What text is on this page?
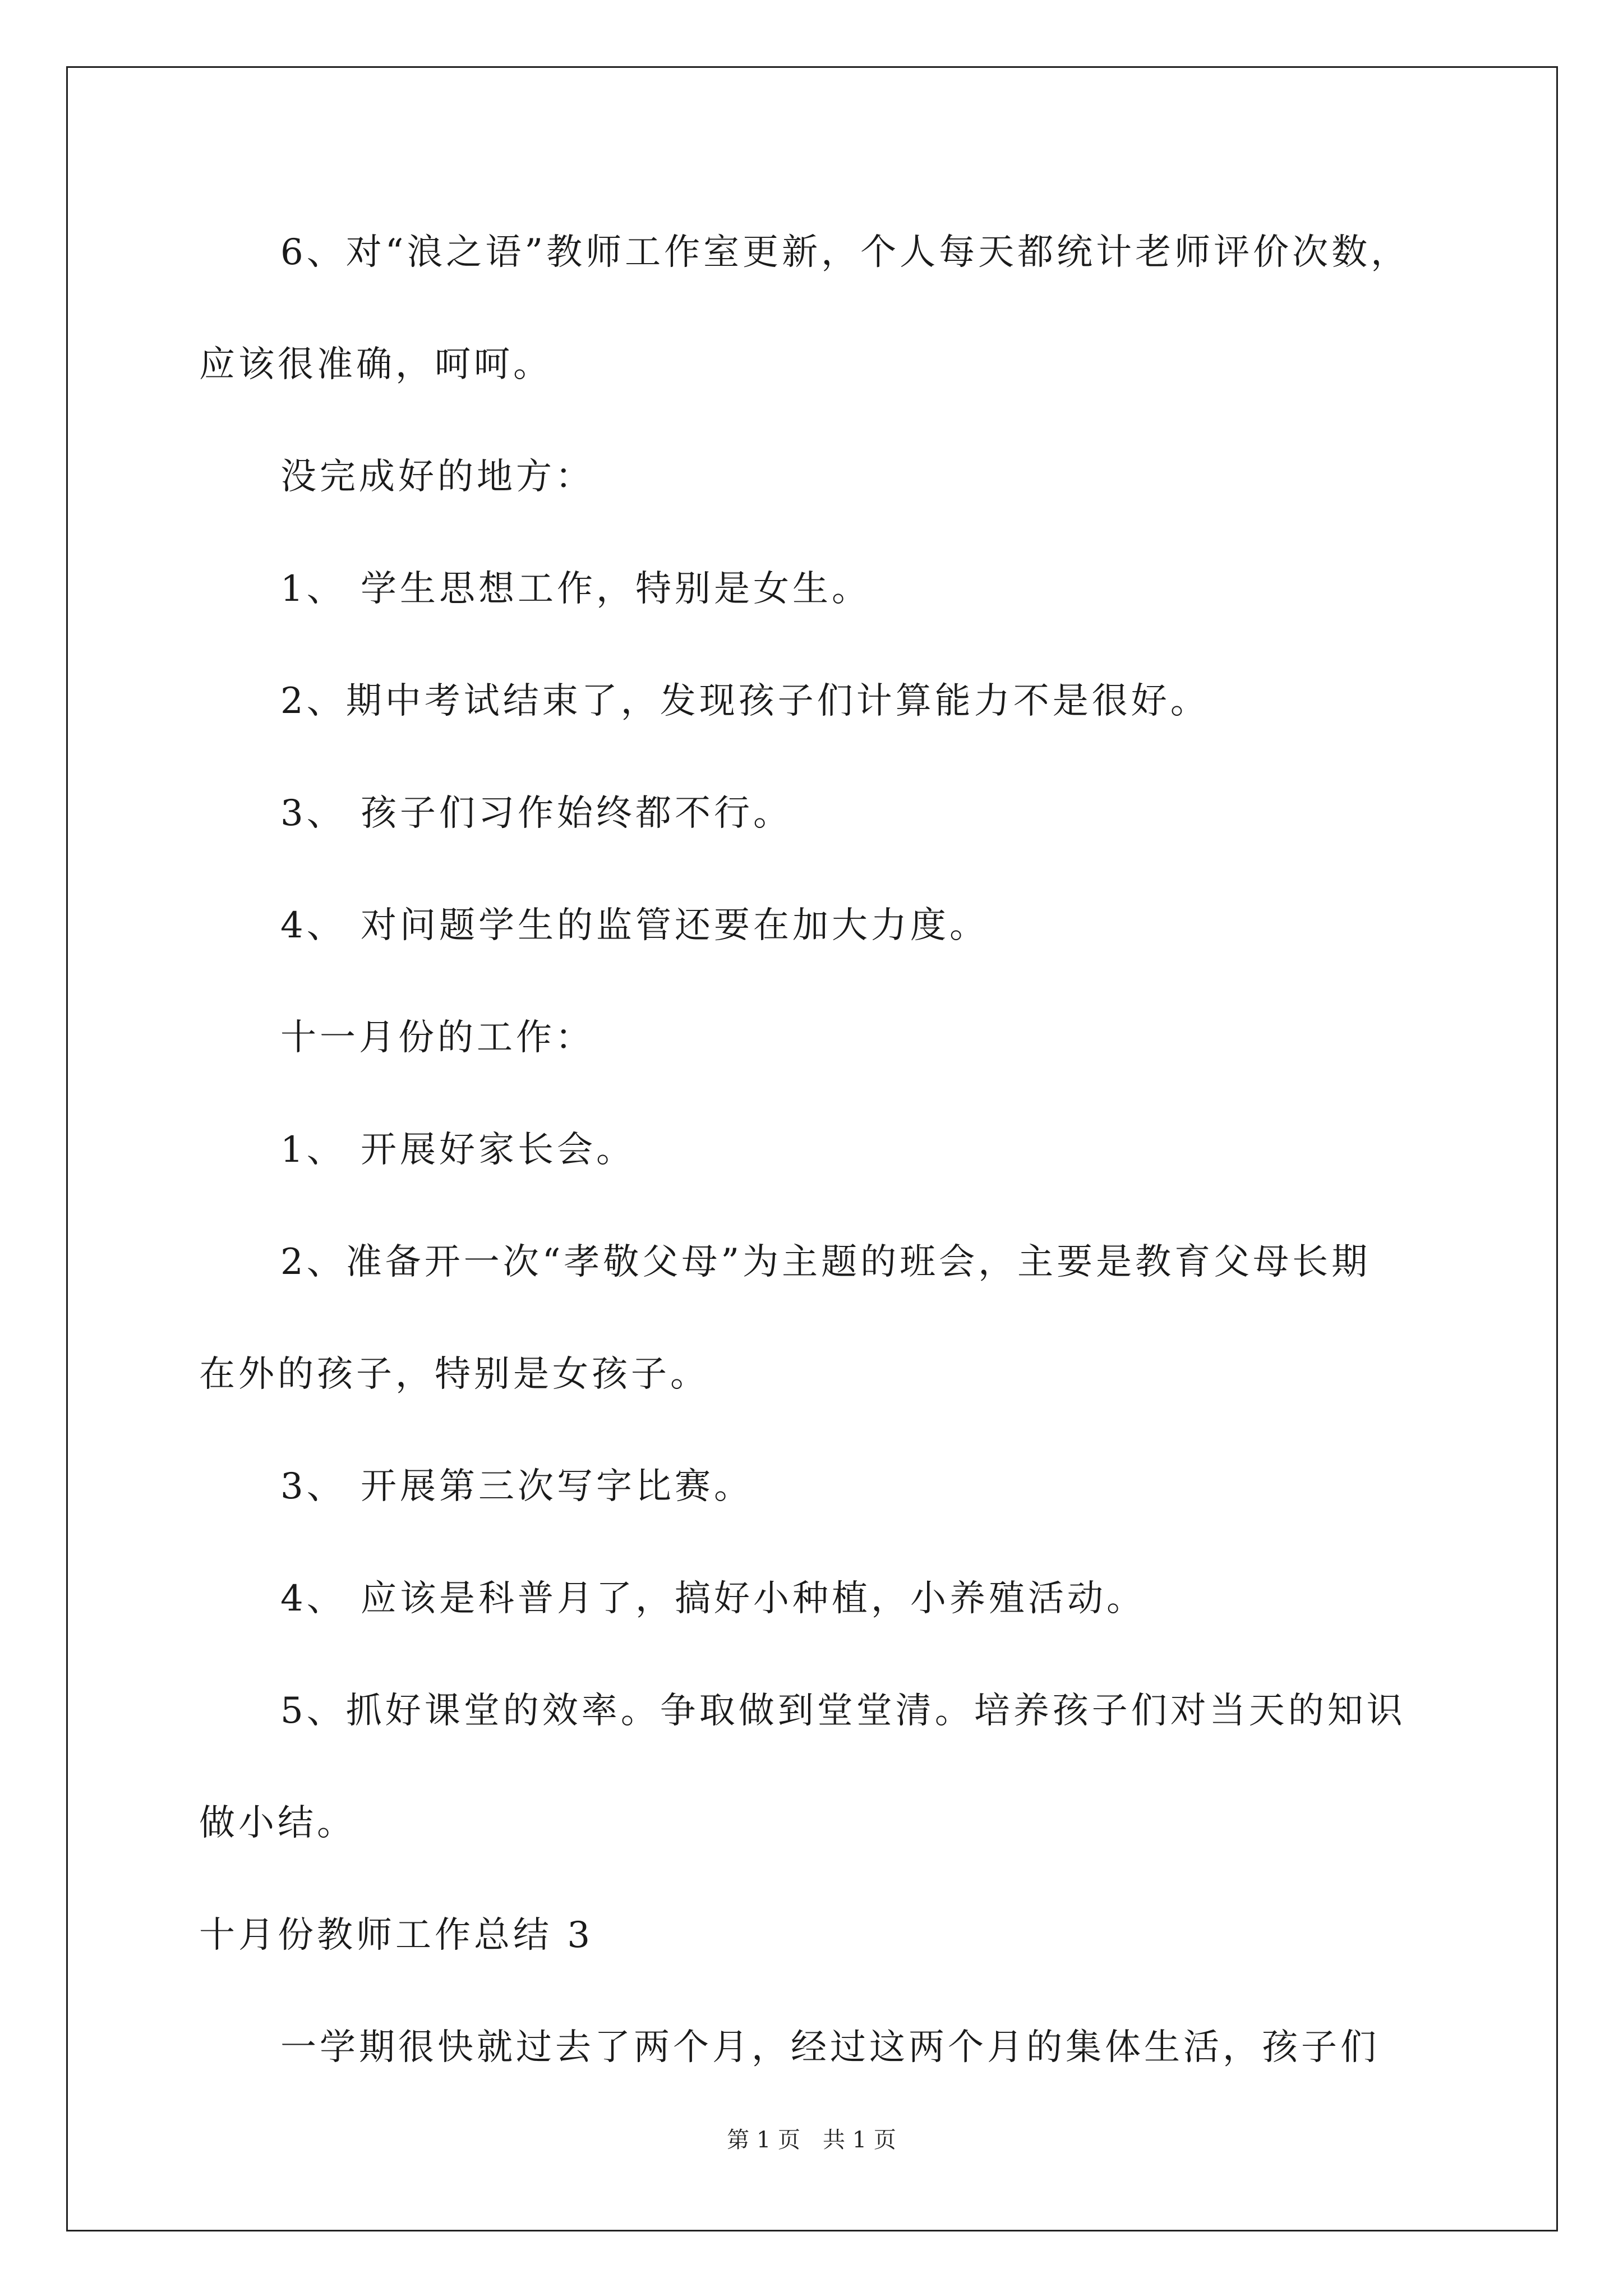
6、对“浪之语”教师工作室更新，个人每天都统计老师评价次数，
应该很准确，呵呵。
没完成好的地方：
1、 学生思想工作，特别是女生。
2、期中考试结束了，发现孩子们计算能力不是很好。
3、 孩子们习作始终都不行。
4、 对问题学生的监管还要在加大力度。
十一月份的工作：
1、 开展好家长会。
2、准备开一次“孝敬父母”为主题的班会，主要是教育父母长期
在外的孩子，特别是女孩子。
3、 开展第三次写字比赛。
4、 应该是科普月了，搞好小种植，小养殖活动。
5、抓好课堂的效率。争取做到堂堂清。培养孩子们对当天的知识
做小结。
十月份教师工作总结 3
一学期很快就过去了两个月，经过这两个月的集体生活，孩子们
第 1 页　共 1 页
